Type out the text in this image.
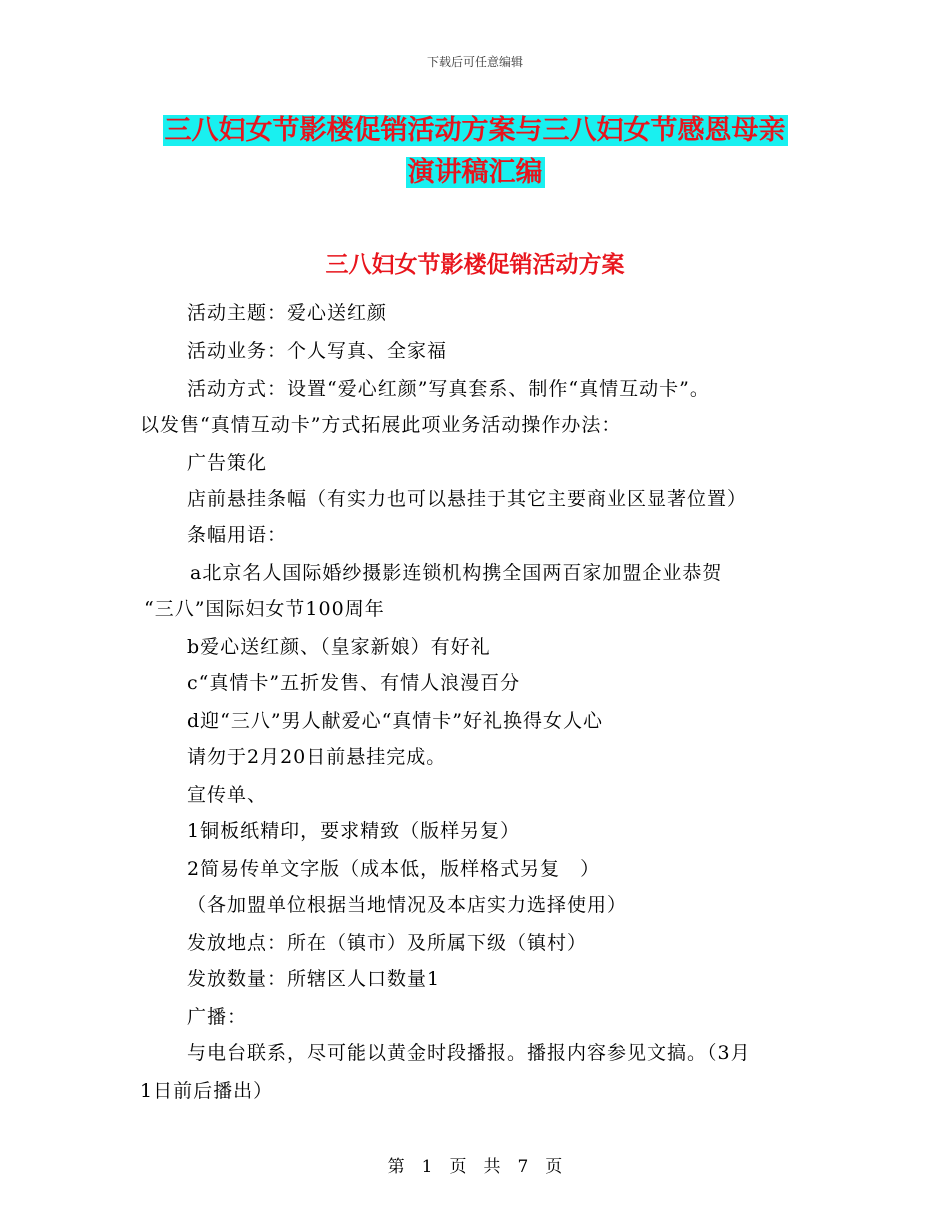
下载后可任意编辑
三八妇女节影楼促销活动方案与三八妇女节感恩母亲
演讲稿汇编
三八妇女节影楼促销活动方案
活动主题：爱心送红颜
活动业务：个人写真、全家福
活动方式：设置“爱心红颜”写真套系、制作“真情互动卡”。
以发售“真情互动卡”方式拓展此项业务活动操作办法：
广告策化
店前悬挂条幅（有实力也可以悬挂于其它主要商业区显著位置）
条幅用语：
a北京名人国际婚纱摄影连锁机构携全国两百家加盟企业恭贺
“三八”国际妇女节100周年
b爱心送红颜、（皇家新娘）有好礼
c“真情卡”五折发售、有情人浪漫百分
d迎“三八”男人献爱心“真情卡”好礼换得女人心
请勿于2月20日前悬挂完成。
宣传单、
1铜板纸精印，要求精致（版样另复）
2简易传单文字版（成本低，版样格式另复　）
（各加盟单位根据当地情况及本店实力选择使用）
发放地点：所在（镇市）及所属下级（镇村）
发放数量：所辖区人口数量1
广播：
与电台联系，尽可能以黄金时段播报。播报内容参见文搞。（3月
1日前后播出）
第　1　页　共　7　页
